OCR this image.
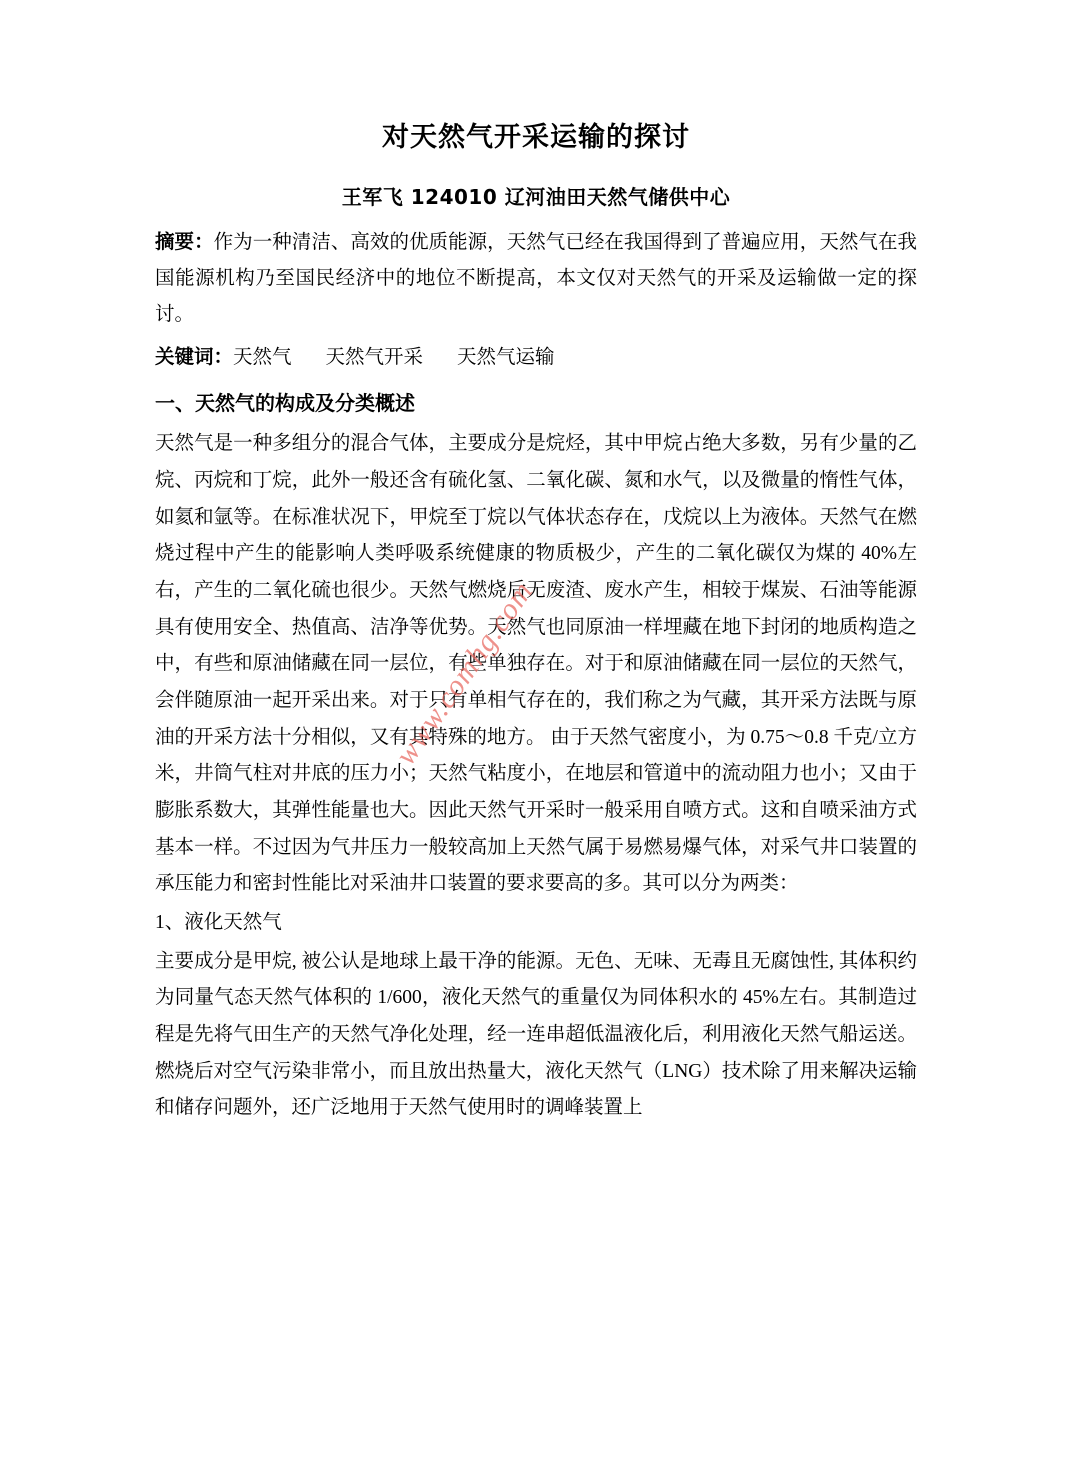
对天然气开采运输的探讨
王军飞 124010 辽河油田天然气储供中心

摘要：作为一种清洁、高效的优质能源，天然气已经在我国得到了普遍应用，天然气在我国能源机构乃至国民经济中的地位不断提高，本文仅对天然气的开采及运输做一定的探讨。

关键词：天然气 天然气开采 天然气运输

一、天然气的构成及分类概述

天然气是一种多组分的混合气体，主要成分是烷烃，其中甲烷占绝大多数，另有少量的乙烷、丙烷和丁烷，此外一般还含有硫化氢、二氧化碳、氮和水气，以及微量的惰性气体，如氦和氩等。在标准状况下，甲烷至丁烷以气体状态存在，戊烷以上为液体。天然气在燃烧过程中产生的能影响人类呼吸系统健康的物质极少，产生的二氧化碳仅为煤的 40%左右，产生的二氧化硫也很少。天然气燃烧后无废渣、废水产生，相较于煤炭、石油等能源具有使用安全、热值高、洁净等优势。天然气也同原油一样埋藏在地下封闭的地质构造之中，有些和原油储藏在同一层位，有些单独存在。对于和原油储藏在同一层位的天然气，会伴随原油一起开采出来。对于只有单相气存在的，我们称之为气藏，其开采方法既与原油的开采方法十分相似，又有其特殊的地方。 由于天然气密度小，为 0.75～0.8 千克/立方米，井筒气柱对井底的压力小；天然气粘度小，在地层和管道中的流动阻力也小；又由于膨胀系数大，其弹性能量也大。因此天然气开采时一般采用自喷方式。这和自喷采油方式基本一样。不过因为气井压力一般较高加上天然气属于易燃易爆气体，对采气井口装置的承压能力和密封性能比对采油井口装置的要求要高的多。其可以分为两类：

1、液化天然气

主要成分是甲烷, 被公认是地球上最干净的能源。无色、无味、无毒且无腐蚀性, 其体积约为同量气态天然气体积的 1/600，液化天然气的重量仅为同体积水的 45%左右。其制造过程是先将气田生产的天然气净化处理，经一连串超低温液化后，利用液化天然气船运送。燃烧后对空气污染非常小，而且放出热量大，液化天然气（LNG）技术除了用来解决运输和储存问题外，还广泛地用于天然气使用时的调峰装置上

www.comhg.com
